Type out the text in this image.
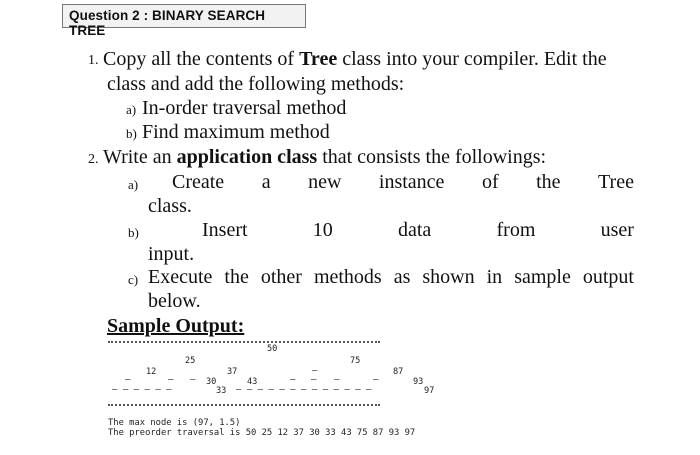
Question 2 : BINARY SEARCH TREE
1. Copy all the contents of Tree class into your compiler. Edit the
class and add the following methods:
a) In-order traversal method
b) Find maximum method
2. Write an application class that consists the followings:
a) Create a new instance of the Tree
class.
b)	Insert	10	data	from	user
input.
c) Execute the other methods as shown in sample output
below.
Sample Output:
50
25	75
12	37	87
30	43	93
33	97
–	– –	– – –	–
–
– – – – – –	– – – – – – – – – – – – –
The max node is (97, 1.5)
The preorder traversal is 50 25 12 37 30 33 43 75 87 93 97
